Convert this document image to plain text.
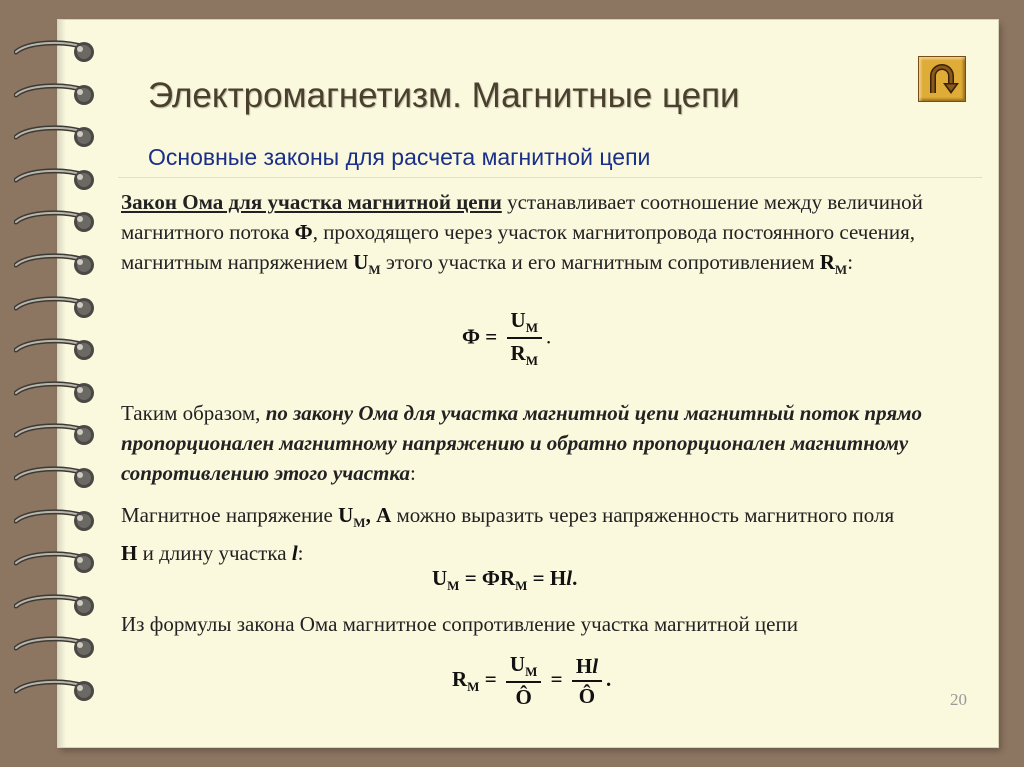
Электромагнетизм. Магнитные цепи
Основные законы для расчета магнитной цепи

Закон Ома для участка магнитной цепи устанавливает соотношение между величиной магнитного потока Ф, проходящего через участок магнитопровода постоянного сечения, магнитным напряжением $U_М$ этого участка и его магнитным сопротивлением $R_М$:

$Ф = \frac{U_М}{R_М}$ .

Таким образом, по закону Ома для участка магнитной цепи магнитный поток прямо пропорционален магнитному напряжению и обратно пропорционален магнитному сопротивлению этого участка:

Магнитное напряжение $U_М$, А можно выразить через напряженность магнитного поля Н и длину участка l:

$U_М = ФR_М$ = Нl.

Из формулы закона Ома магнитное сопротивление участка магнитной цепи

$R_М = \frac{U_М}{Ô} = \frac{Нl}{Ô}$ .
20
